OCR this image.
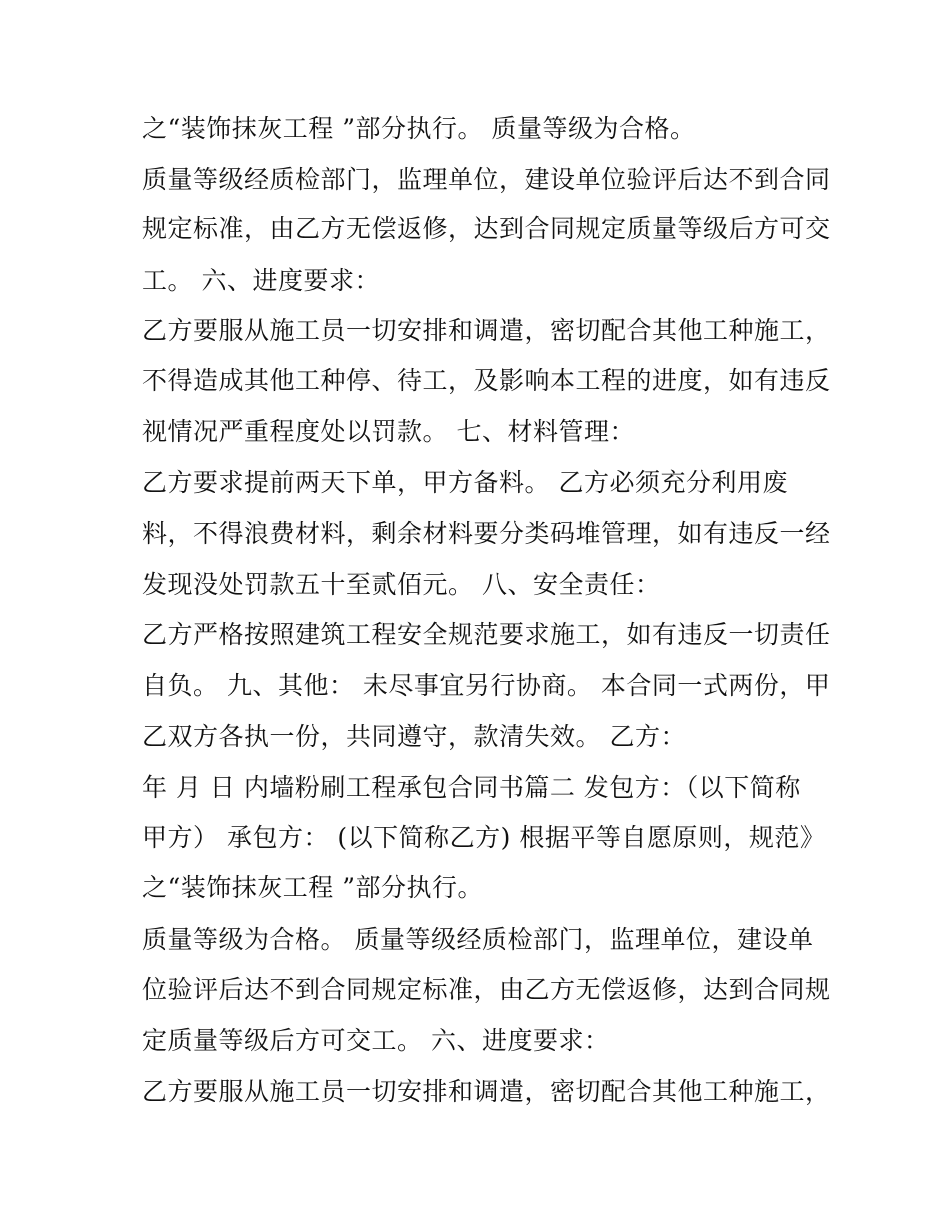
之“装饰抹灰工程 ”部分执行。 质量等级为合格。
质量等级经质检部门，监理单位，建设单位验评后达不到合同
规定标准，由乙方无偿返修，达到合同规定质量等级后方可交
工。 六、进度要求：
乙方要服从施工员一切安排和调遣，密切配合其他工种施工，
不得造成其他工种停、待工，及影响本工程的进度，如有违反
视情况严重程度处以罚款。 七、材料管理：
乙方要求提前两天下单，甲方备料。 乙方必须充分利用废
料，不得浪费材料，剩余材料要分类码堆管理，如有违反一经
发现没处罚款五十至贰佰元。 八、安全责任：
乙方严格按照建筑工程安全规范要求施工，如有违反一切责任
自负。 九、其他： 未尽事宜另行协商。 本合同一式两份，甲
乙双方各执一份，共同遵守，款清失效。 乙方：
年 月 日 内墙粉刷工程承包合同书篇二 发包方：（以下简称
甲方） 承包方： (以下简称乙方) 根据平等自愿原则，规范》
之“装饰抹灰工程 ”部分执行。
质量等级为合格。 质量等级经质检部门，监理单位，建设单
位验评后达不到合同规定标准，由乙方无偿返修，达到合同规
定质量等级后方可交工。 六、进度要求：
乙方要服从施工员一切安排和调遣，密切配合其他工种施工，
